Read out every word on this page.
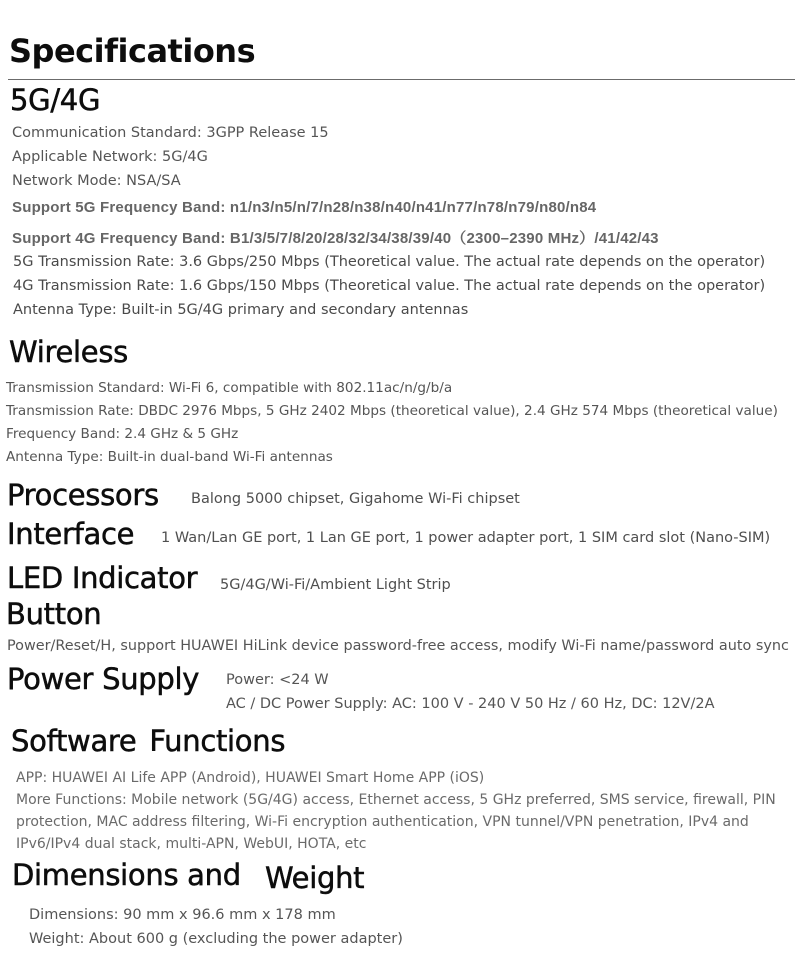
Specifications
5G/4G
Communication Standard: 3GPP Release 15
Applicable Network: 5G/4G
Network Mode: NSA/SA
Support 5G Frequency Band: n1/n3/n5/n/7/n28/n38/n40/n41/n77/n78/n79/n80/n84
Support 4G Frequency Band: B1/3/5/7/8/20/28/32/34/38/39/40（2300–2390 MHz）/41/42/43
5G Transmission Rate: 3.6 Gbps/250 Mbps (Theoretical value. The actual rate depends on the operator)
4G Transmission Rate: 1.6 Gbps/150 Mbps (Theoretical value. The actual rate depends on the operator)
Antenna Type: Built-in 5G/4G primary and secondary antennas
Wireless
Transmission Standard: Wi-Fi 6, compatible with 802.11ac/n/g/b/a
Transmission Rate: DBDC 2976 Mbps, 5 GHz 2402 Mbps (theoretical value), 2.4 GHz 574 Mbps (theoretical value)
Frequency Band: 2.4 GHz & 5 GHz
Antenna Type: Built-in dual-band Wi-Fi antennas
Processors Balong 5000 chipset, Gigahome Wi-Fi chipset
Interface 1 Wan/Lan GE port, 1 Lan GE port, 1 power adapter port, 1 SIM card slot (Nano-SIM)
LED Indicator 5G/4G/Wi-Fi/Ambient Light Strip
Button
Power/Reset/H, support HUAWEI HiLink device password-free access, modify Wi-Fi name/password auto sync
Power Supply Power: <24 W
AC / DC Power Supply: AC: 100 V - 240 V 50 Hz / 60 Hz, DC: 12V/2A
Software Functions
APP: HUAWEI AI Life APP (Android), HUAWEI Smart Home APP (iOS)
More Functions: Mobile network (5G/4G) access, Ethernet access, 5 GHz preferred, SMS service, firewall, PIN protection, MAC address filtering, Wi-Fi encryption authentication, VPN tunnel/VPN penetration, IPv4 and IPv6/IPv4 dual stack, multi-APN, WebUI, HOTA, etc
Dimensions and Weight
Dimensions: 90 mm x 96.6 mm x 178 mm
Weight: About 600 g (excluding the power adapter)
